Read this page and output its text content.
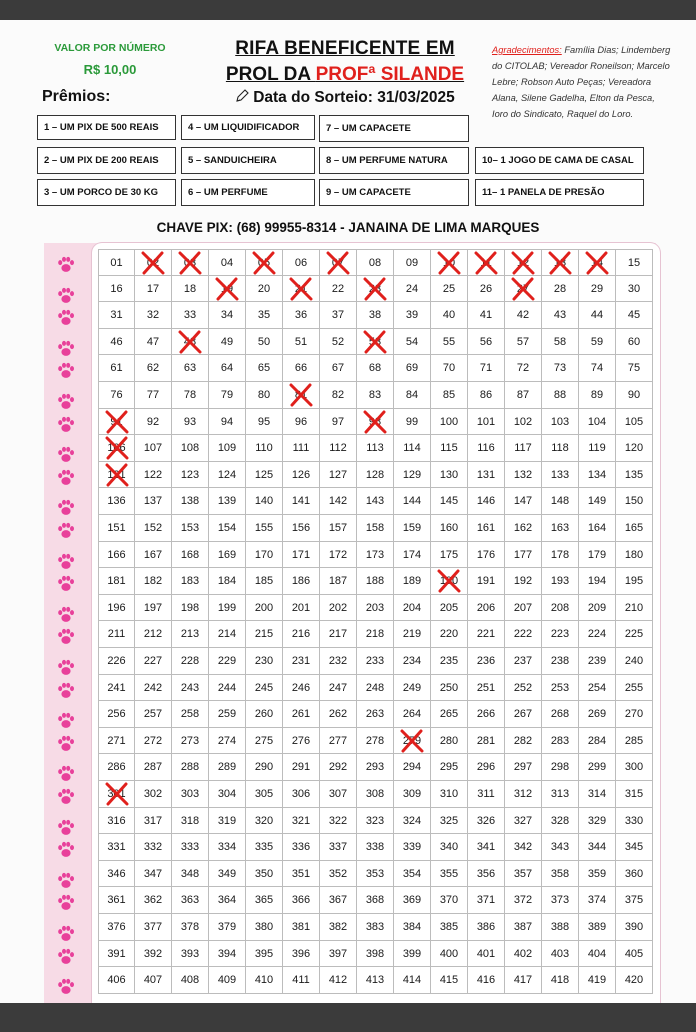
VALOR POR NÚMERO
R$ 10,00
Prêmios:
RIFA BENEFICENTE EM
PROL DA PROFª SILANDE
Data do Sorteio: 31/03/2025
Agradecimentos: Família Dias; Lindemberg do CITOLAB; Vereador Roneilson; Marcelo Lebre; Robson Auto Peças; Vereadora Alana, Silene Gadelha, Elton da Pesca, Ioro do Sindicato, Raquel do Loro.
1 – UM PIX DE 500 REAIS	4 – UM LIQUIDIFICADOR	7 – UM CAPACETE
2 – UM PIX DE 200 REAIS	5 – SANDUICHEIRA	8 – UM PERFUME NATURA	10– 1 JOGO DE CAMA DE CASAL
3 – UM PORCO DE 30 KG	6 – UM PERFUME	9 – UM CAPACETE	11– 1 PANELA DE PRESÃO
CHAVE PIX: (68) 99955-8314 - JANAINA DE LIMA MARQUES
01	02	03	04	05	06	07	08	09	10	11	12	13	14	15
16	17	18	19	20	21	22	23	24	25	26	27	28	29	30
31	32	33	34	35	36	37	38	39	40	41	42	43	44	45
46	47	48	49	50	51	52	53	54	55	56	57	58	59	60
61	62	63	64	65	66	67	68	69	70	71	72	73	74	75
76	77	78	79	80	81	82	83	84	85	86	87	88	89	90
91	92	93	94	95	96	97	98	99	100	101	102	103	104	105
106	107	108	109	110	111	112	113	114	115	116	117	118	119	120
121	122	123	124	125	126	127	128	129	130	131	132	133	134	135
136	137	138	139	140	141	142	143	144	145	146	147	148	149	150
151	152	153	154	155	156	157	158	159	160	161	162	163	164	165
166	167	168	169	170	171	172	173	174	175	176	177	178	179	180
181	182	183	184	185	186	187	188	189	190	191	192	193	194	195
196	197	198	199	200	201	202	203	204	205	206	207	208	209	210
211	212	213	214	215	216	217	218	219	220	221	222	223	224	225
226	227	228	229	230	231	232	233	234	235	236	237	238	239	240
241	242	243	244	245	246	247	248	249	250	251	252	253	254	255
256	257	258	259	260	261	262	263	264	265	266	267	268	269	270
271	272	273	274	275	276	277	278	279	280	281	282	283	284	285
286	287	288	289	290	291	292	293	294	295	296	297	298	299	300
301	302	303	304	305	306	307	308	309	310	311	312	313	314	315
316	317	318	319	320	321	322	323	324	325	326	327	328	329	330
331	332	333	334	335	336	337	338	339	340	341	342	343	344	345
346	347	348	349	350	351	352	353	354	355	356	357	358	359	360
361	362	363	364	365	366	367	368	369	370	371	372	373	374	375
376	377	378	379	380	381	382	383	384	385	386	387	388	389	390
391	392	393	394	395	396	397	398	399	400	401	402	403	404	405
406	407	408	409	410	411	412	413	414	415	416	417	418	419	420
